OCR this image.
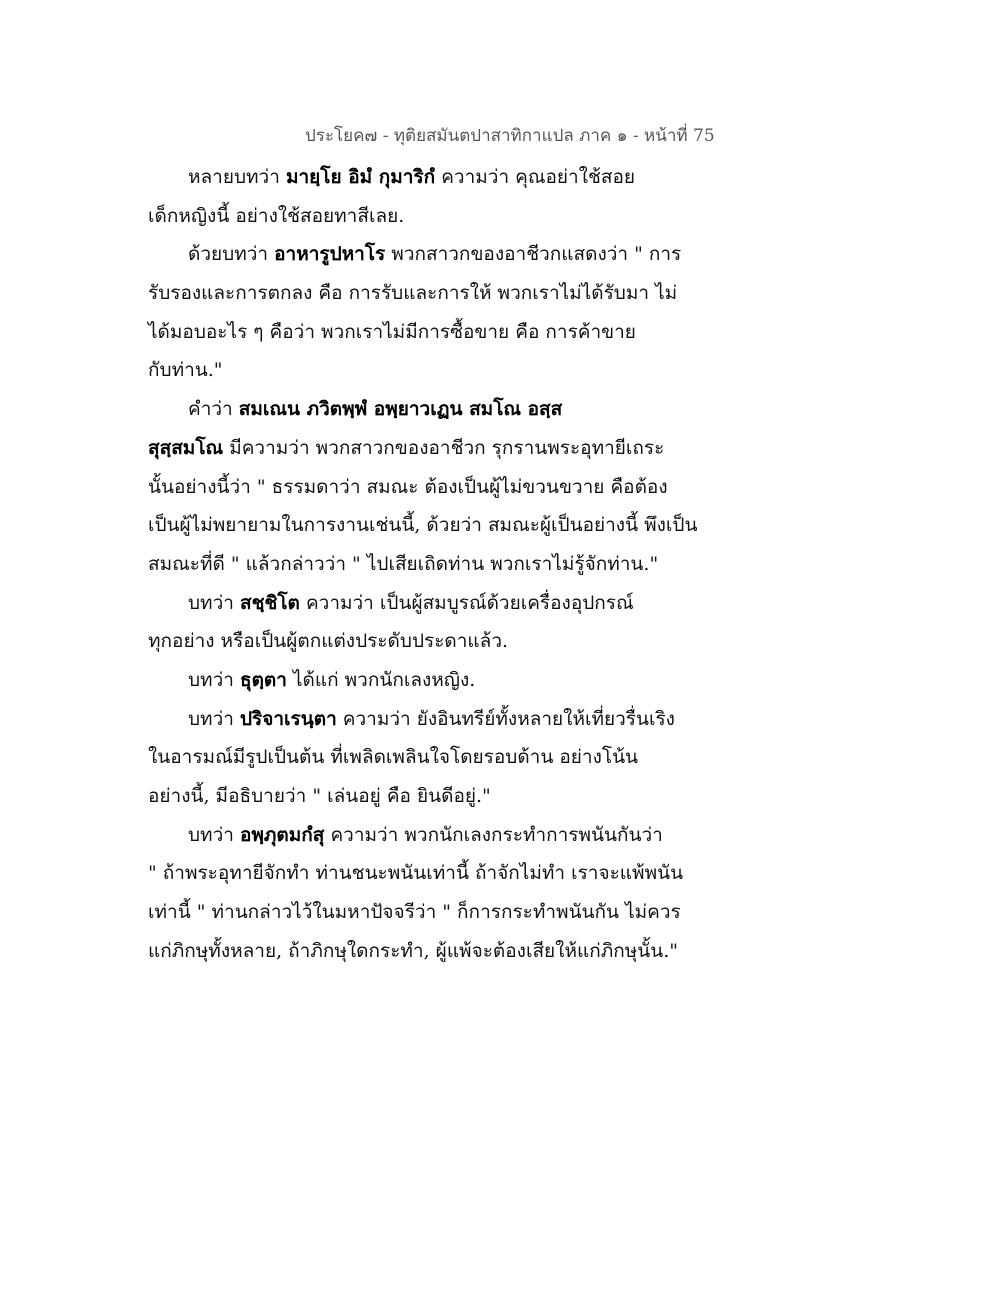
ประโยค๗ - ทุติยสมันตปาสาทิกาแปล ภาค ๑ - หน้าที่ 75
หลายบทว่า มายฺโย อิมํ กุมาริกํ ความว่า คุณอย่าใช้สอย
เด็กหญิงนี้ อย่างใช้สอยทาสีเลย.
ด้วยบทว่า อาหารูปหาโร พวกสาวกของอาชีวกแสดงว่า " การ
รับรองและการตกลง คือ การรับและการให้ พวกเราไม่ได้รับมา ไม่
ได้มอบอะไร ๆ คือว่า พวกเราไม่มีการซื้อขาย คือ การค้าขาย
กับท่าน."
คำว่า สมเณน ภวิตพฺพํ อพฺยาวเฏน สมโณ อสฺส
สุสฺสมโณ มีความว่า พวกสาวกของอาชีวก รุกรานพระอุทายีเถระ
นั้นอย่างนี้ว่า " ธรรมดาว่า สมณะ ต้องเป็นผู้ไม่ขวนขวาย คือต้อง
เป็นผู้ไม่พยายามในการงานเช่นนี้, ด้วยว่า สมณะผู้เป็นอย่างนี้ พึงเป็น
สมณะที่ดี " แล้วกล่าวว่า " ไปเสียเถิดท่าน พวกเราไม่รู้จักท่าน."
บทว่า สชฺชิโต ความว่า เป็นผู้สมบูรณ์ด้วยเครื่องอุปกรณ์
ทุกอย่าง หรือเป็นผู้ตกแต่งประดับประดาแล้ว.
บทว่า ธุตฺตา ได้แก่ พวกนักเลงหญิง.
บทว่า ปริจาเรนฺตา ความว่า ยังอินทรีย์ทั้งหลายให้เที่ยวรื่นเริง
ในอารมณ์มีรูปเป็นต้น ที่เพลิดเพลินใจโดยรอบด้าน อย่างโน้น
อย่างนี้, มีอธิบายว่า " เล่นอยู่ คือ ยินดีอยู่."
บทว่า อพฺภุตมกํสุ ความว่า พวกนักเลงกระทำการพนันกันว่า
" ถ้าพระอุทายีจักทำ ท่านชนะพนันเท่านี้ ถ้าจักไม่ทำ เราจะแพ้พนัน
เท่านี้ " ท่านกล่าวไว้ในมหาปัจจรีว่า " ก็การกระทำพนันกัน ไม่ควร
แก่ภิกษุทั้งหลาย, ถ้าภิกษุใดกระทำ, ผู้แพ้จะต้องเสียให้แก่ภิกษุนั้น."
